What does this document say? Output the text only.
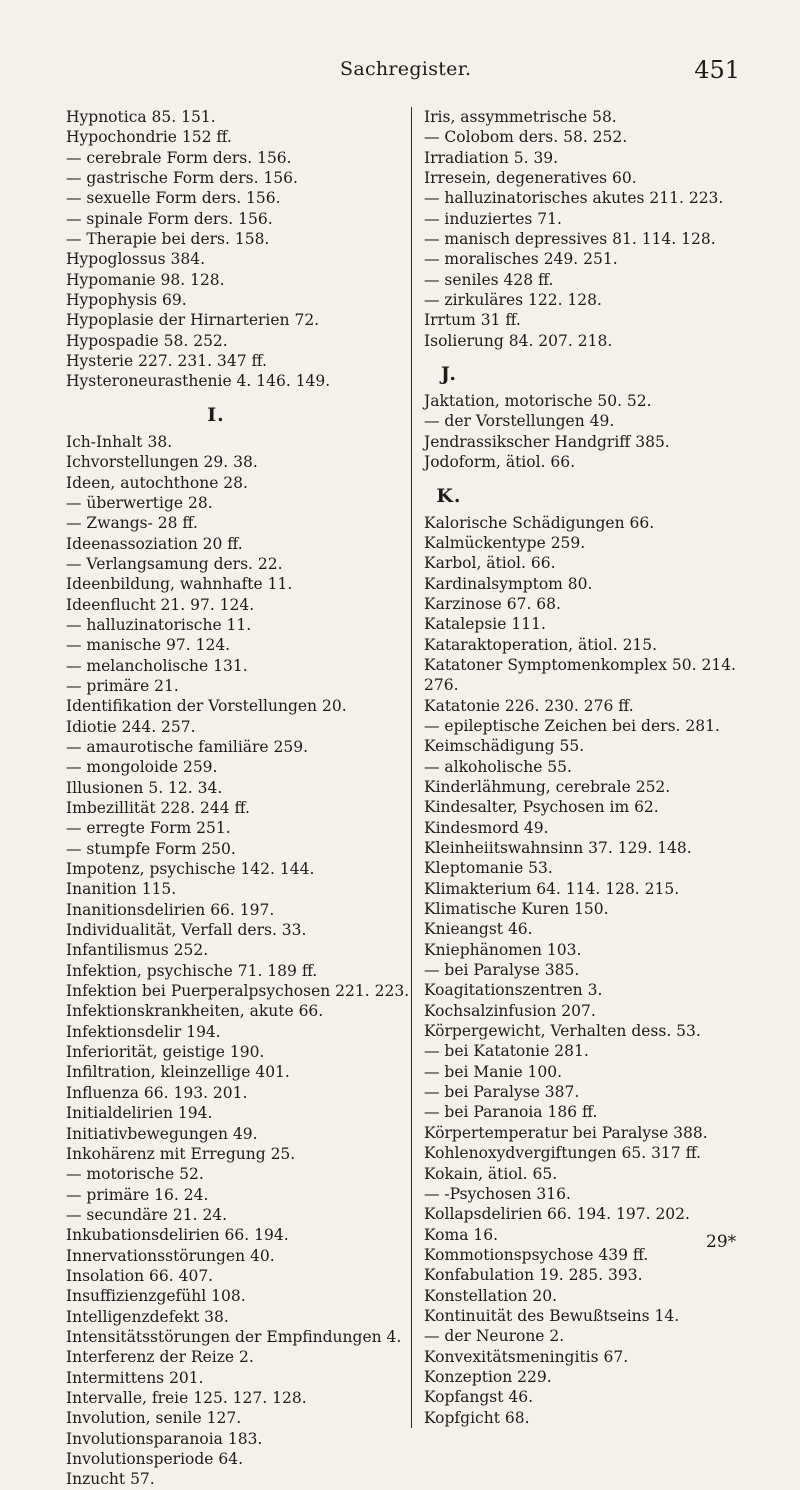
Sachregister.	451
Hypnotica 85. 151.
Hypochondrie 152 ff.
— cerebrale Form ders. 156.
— gastrische Form ders. 156.
— sexuelle Form ders. 156.
— spinale Form ders. 156.
— Therapie bei ders. 158.
Hypoglossus 384.
Hypomanie 98. 128.
Hypophysis 69.
Hypoplasie der Hirnarterien 72.
Hypospadie 58. 252.
Hysterie 227. 231. 347 ff.
Hysteroneurasthenie 4. 146. 149.
I.
Ich-Inhalt 38.
Ichvorstellungen 29. 38.
Ideen, autochthone 28.
— überwertige 28.
— Zwangs- 28 ff.
Ideenassoziation 20 ff.
— Verlangsamung ders. 22.
Ideenbildung, wahnhafte 11.
Ideenflucht 21. 97. 124.
— halluzinatorische 11.
— manische 97. 124.
— melancholische 131.
— primäre 21.
Identifikation der Vorstellungen 20.
Idiotie 244. 257.
— amaurotische familiäre 259.
— mongoloide 259.
Illusionen 5. 12. 34.
Imbezillität 228. 244 ff.
— erregte Form 251.
— stumpfe Form 250.
Impotenz, psychische 142. 144.
Inanition 115.
Inanitionsdelirien 66. 197.
Individualität, Verfall ders. 33.
Infantilismus 252.
Infektion, psychische 71. 189 ff.
Infektion bei Puerperalpsychosen 221. 223.
Infektionskrankheiten, akute 66.
Infektionsdelir 194.
Inferiorität, geistige 190.
Infiltration, kleinzellige 401.
Influenza 66. 193. 201.
Initialdelirien 194.
Initiativbewegungen 49.
Inkohärenz mit Erregung 25.
— motorische 52.
— primäre 16. 24.
— secundäre 21. 24.
Inkubationsdelirien 66. 194.
Innervationsstörungen 40.
Insolation 66. 407.
Insuffizienzgefühl 108.
Intelligenzdefekt 38.
Intensitätsstörungen der Empfindungen 4.
Interferenz der Reize 2.
Intermittens 201.
Intervalle, freie 125. 127. 128.
Involution, senile 127.
Involutionsparanoia 183.
Involutionsperiode 64.
Inzucht 57.
Iris, assymmetrische 58.
— Colobom ders. 58. 252.
Irradiation 5. 39.
Irresein, degeneratives 60.
— halluzinatorisches akutes 211. 223.
— induziertes 71.
— manisch depressives 81. 114. 128.
— moralisches 249. 251.
— seniles 428 ff.
— zirkuläres 122. 128.
Irrtum 31 ff.
Isolierung 84. 207. 218.
J.
Jaktation, motorische 50. 52.
— der Vorstellungen 49.
Jendrassikscher Handgriff 385.
Jodoform, ätiol. 66.
K.
Kalorische Schädigungen 66.
Kalmückentype 259.
Karbol, ätiol. 66.
Kardinalsymptom 80.
Karzinose 67. 68.
Katalepsie 111.
Kataraktoperation, ätiol. 215.
Katatoner Symptomenkomplex 50. 214. 276.
Katatonie 226. 230. 276 ff.
— epileptische Zeichen bei ders. 281.
Keimschädigung 55.
— alkoholische 55.
Kinderlähmung, cerebrale 252.
Kindesalter, Psychosen im 62.
Kindesmord 49.
Kleinheiitswahnsinn 37. 129. 148.
Kleptomanie 53.
Klimakterium 64. 114. 128. 215.
Klimatische Kuren 150.
Knieangst 46.
Kniephänomen 103.
— bei Paralyse 385.
Koagitationszentren 3.
Kochsalzinfusion 207.
Körpergewicht, Verhalten dess. 53.
— bei Katatonie 281.
— bei Manie 100.
— bei Paralyse 387.
— bei Paranoia 186 ff.
Körpertemperatur bei Paralyse 388.
Kohlenoxydvergiftungen 65. 317 ff.
Kokain, ätiol. 65.
— -Psychosen 316.
Kollapsdelirien 66. 194. 197. 202.
Koma 16.
Kommotionspsychose 439 ff.
Konfabulation 19. 285. 393.
Konstellation 20.
Kontinuität des Bewußtseins 14.
— der Neurone 2.
Konvexitätsmeningitis 67.
Konzeption 229.
Kopfangst 46.
Kopfgicht 68.
29*
